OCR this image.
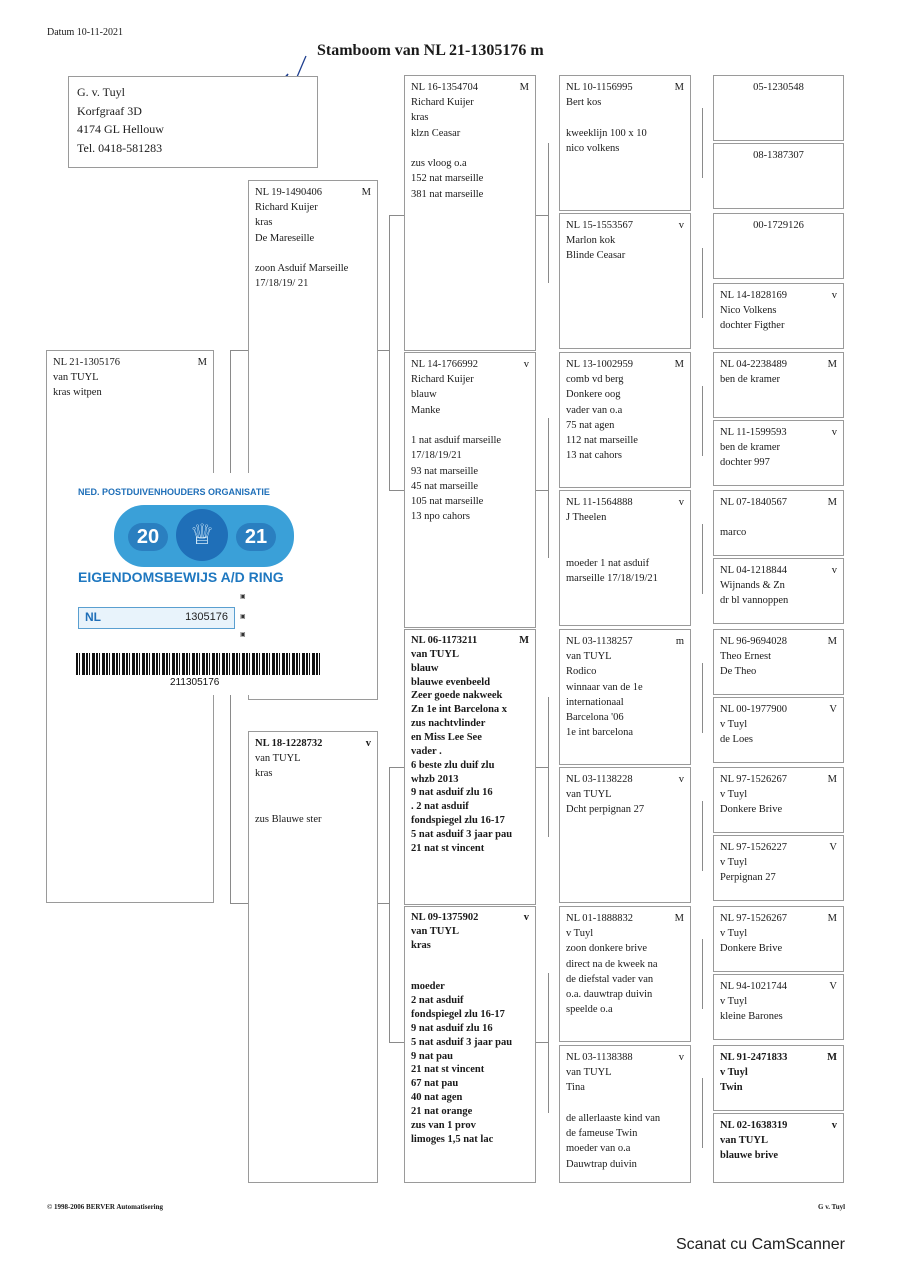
Datum 10-11-2021
Stamboom van NL 21-1305176 m
G. v. Tuyl
Korfgraaf 3D
4174 GL Hellouw
Tel. 0418-581283
NL 21-1305176	M
van TUYL
kras witpen
NL 19-1490406	M
Richard Kuijer
kras
De Mareseille
zoon Asduif Marseille
17/18/19/ 21
NL 18-1228732	v
van TUYL
kras
zus Blauwe ster
NL 16-1354704	M
Richard Kuijer
kras
klzn Ceasar
zus vloog o.a
152 nat marseille
381 nat marseille
NL 14-1766992	v
Richard Kuijer
blauw
Manke
1 nat asduif marseille
17/18/19/21
93 nat marseille
45 nat marseille
105 nat marseille
13 npo cahors
NL 06-1173211	M
van TUYL
blauw
blauwe evenbeeld
Zeer goede nakweek
Zn 1e int Barcelona x
zus nachtvlinder
en Miss Lee See
vader .
6 beste zlu duif zlu
whzb 2013
9 nat asduif zlu 16
. 2 nat asduif
fondspiegel zlu 16-17
5 nat asduif 3 jaar pau
21 nat st vincent
NL 09-1375902	v
van TUYL
kras
moeder
2 nat asduif
fondspiegel zlu 16-17
9 nat asduif zlu 16
5 nat asduif 3 jaar pau
9 nat pau
21 nat st vincent
67 nat pau
40 nat agen
21 nat orange
zus van 1 prov
limoges 1,5 nat lac
NL 10-1156995	M
Bert kos
kweeklijn 100 x 10
nico volkens
NL 15-1553567	v
Marlon kok
Blinde Ceasar
NL 13-1002959	M
comb vd berg
Donkere oog
vader van o.a
75 nat agen
112 nat marseille
13 nat cahors
NL 11-1564888	v
J Theelen
moeder 1 nat asduif
marseille 17/18/19/21
NL 03-1138257	m
van TUYL
Rodico
winnaar van de 1e
internationaal
Barcelona '06
1e int barcelona
NL 03-1138228	v
van TUYL
Dcht perpignan 27
NL 01-1888832	M
v Tuyl
zoon donkere brive
direct na de kweek na
de diefstal vader van
o.a. dauwtrap duivin
speelde o.a
NL 03-1138388	v
van TUYL
Tina
de allerlaaste kind van
de fameuse Twin
moeder van o.a
Dauwtrap duivin
05-1230548
08-1387307
00-1729126
NL 14-1828169	v
Nico Volkens
dochter Figther
NL 04-2238489	M
ben de kramer
NL 11-1599593	v
ben de kramer
dochter 997
NL 07-1840567	M
marco
NL 04-1218844	v
Wijnands & Zn
dr bl vannoppen
NL 96-9694028	M
Theo Ernest
De Theo
NL 00-1977900	V
v Tuyl
de Loes
NL 97-1526267	M
v Tuyl
Donkere Brive
NL 97-1526227	V
v Tuyl
Perpignan 27
NL 97-1526267	M
v Tuyl
Donkere Brive
NL 94-1021744	V
v Tuyl
kleine Barones
NL 91-2471833	M
v Tuyl
Twin
NL 02-1638319	v
van TUYL
blauwe brive
NED. POSTDUIVENHOUDERS ORGANISATIE
20	♕	21
EIGENDOMSBEWIJS A/D RING
NL	1305176
▣
▣
▣
211305176
© 1998-2006 BERVER Automatisering	G v. Tuyl
Scanat cu CamScanner
